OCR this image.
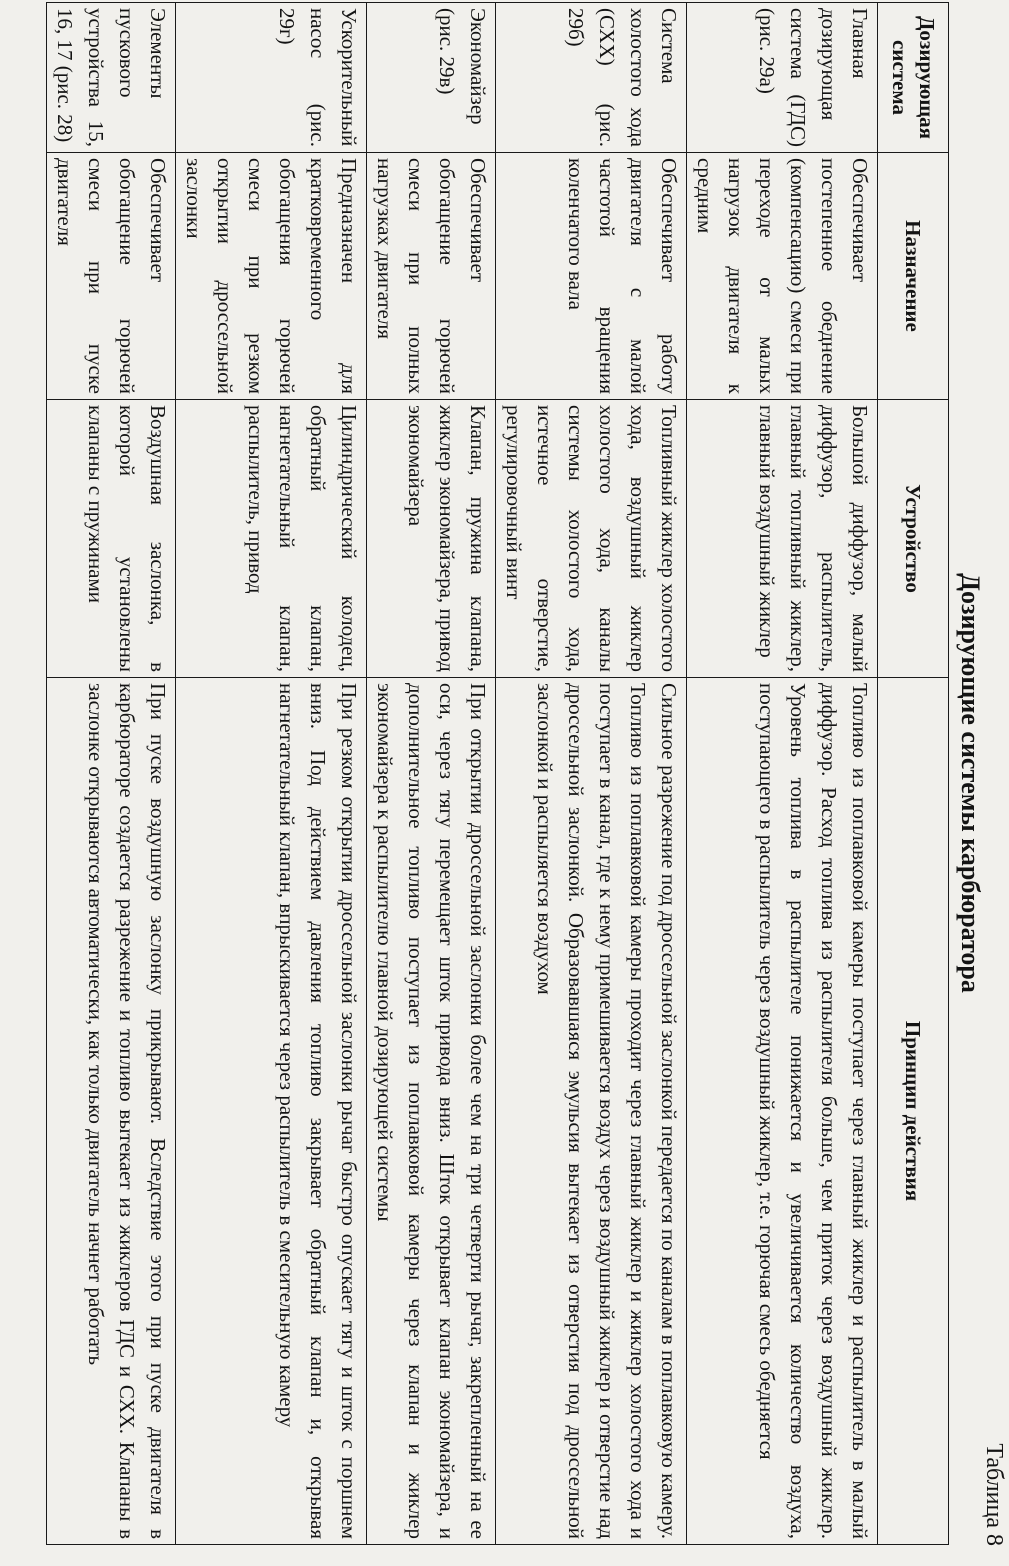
Таблица 8
Дозирующие системы карбюратора
Дозирующая система	Назначение	Устройство	Принцип действия
Главная дозирующая система (ГДС) (рис. 29а)	Обеспечивает постепенное обеднение (компенсацию) смеси при переходе от малых нагрузок двигателя к средним	Большой диффузор, малый диффузор, распылитель, главный топливный жиклер, главный воздушный жиклер	Топливо из поплавковой камеры поступает через главный жиклер и распылитель в малый диффузор. Расход топлива из распылителя больше, чем приток через воздушный жиклер. Уровень топлива в распылителе понижается и увеличивается количество воздуха, поступающего в распылитель через воздушный жиклер, т.е. горючая смесь обедняется
Система холостого хода (СХХ) (рис. 29б)	Обеспечивает работу двигателя с малой частотой вращения коленчатого вала	Топливный жиклер холостого хода, воздушный жиклер холостого хода, каналы системы холостого хода, истечное отверстие, регулировочный винт	Сильное разрежение под дроссельной заслонкой передается по каналам в поплавковую камеру. Топливо из поплавковой камеры проходит через главный жиклер и жиклер холостого хода и поступает в канал, где к нему примешивается воздух через воздушный жиклер и отверстие над дроссельной заслонкой. Образовавшаяся эмульсия вытекает из отверстия под дроссельной заслонкой и распыляется воздухом
Экономайзер (рис. 29в)	Обеспечивает обогащение горючей смеси при полных нагрузках двигателя	Клапан, пружина клапана, жиклер экономайзера, привод экономайзера	При открытии дроссельной заслонки более чем на три четверти рычаг, закрепленный на ее оси, через тягу перемещает шток привода вниз. Шток открывает клапан экономайзера, и дополнительное топливо поступает из поплавковой камеры через клапан и жиклер экономайзера к распылителю главной дозирующей системы
Ускорительный насос (рис. 29г)	Предназначен для кратковременного обогащения горючей смеси при резком открытии дроссельной заслонки	Цилиндрический колодец, обратный клапан, нагнетательный клапан, распылитель, привод	При резком открытии дроссельной заслонки рычаг быстро опускает тягу и шток с поршнем вниз. Под действием давления топливо закрывает обратный клапан и, открывая нагнетательный клапан, впрыскивается через распылитель в смесительную камеру
Элементы пускового устройства 15, 16, 17 (рис. 28)	Обеспечивает обогащение горючей смеси при пуске двигателя	Воздушная заслонка, в которой установлены клапаны с пружинами	При пуске воздушную заслонку прикрывают. Вследствие этого при пуске двигателя в карбюраторе создается разрежение и топливо вытекает из жиклеров ГДС и СХХ. Клапаны в заслонке открываются автоматически, как только двигатель начнет работать
